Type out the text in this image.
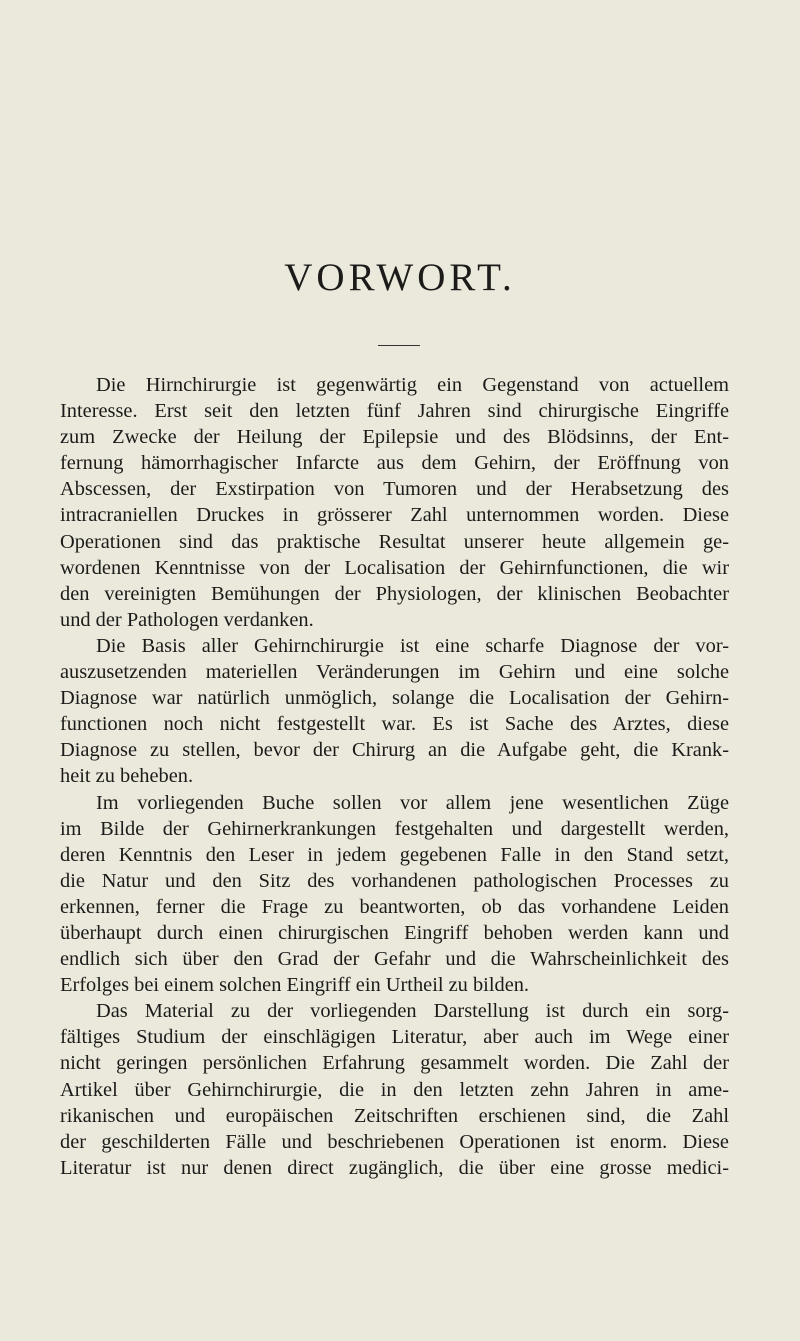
VORWORT.

Die Hirnchirurgie ist gegenwärtig ein Gegenstand von actuellem
Interesse. Erst seit den letzten fünf Jahren sind chirurgische Eingriffe
zum Zwecke der Heilung der Epilepsie und des Blödsinns, der Ent-
fernung hämorrhagischer Infarcte aus dem Gehirn, der Eröffnung von
Abscessen, der Exstirpation von Tumoren und der Herabsetzung des
intracraniellen Druckes in grösserer Zahl unternommen worden. Diese
Operationen sind das praktische Resultat unserer heute allgemein ge-
wordenen Kenntnisse von der Localisation der Gehirnfunctionen, die wir
den vereinigten Bemühungen der Physiologen, der klinischen Beobachter
und der Pathologen verdanken.

Die Basis aller Gehirnchirurgie ist eine scharfe Diagnose der vor-
auszusetzenden materiellen Veränderungen im Gehirn und eine solche
Diagnose war natürlich unmöglich, solange die Localisation der Gehirn-
functionen noch nicht festgestellt war. Es ist Sache des Arztes, diese
Diagnose zu stellen, bevor der Chirurg an die Aufgabe geht, die Krank-
heit zu beheben.

Im vorliegenden Buche sollen vor allem jene wesentlichen Züge
im Bilde der Gehirnerkrankungen festgehalten und dargestellt werden,
deren Kenntnis den Leser in jedem gegebenen Falle in den Stand setzt,
die Natur und den Sitz des vorhandenen pathologischen Processes zu
erkennen, ferner die Frage zu beantworten, ob das vorhandene Leiden
überhaupt durch einen chirurgischen Eingriff behoben werden kann und
endlich sich über den Grad der Gefahr und die Wahrscheinlichkeit des
Erfolges bei einem solchen Eingriff ein Urtheil zu bilden.

Das Material zu der vorliegenden Darstellung ist durch ein sorg-
fältiges Studium der einschlägigen Literatur, aber auch im Wege einer
nicht geringen persönlichen Erfahrung gesammelt worden. Die Zahl der
Artikel über Gehirnchirurgie, die in den letzten zehn Jahren in ame-
rikanischen und europäischen Zeitschriften erschienen sind, die Zahl
der geschilderten Fälle und beschriebenen Operationen ist enorm. Diese
Literatur ist nur denen direct zugänglich, die über eine grosse medici-
